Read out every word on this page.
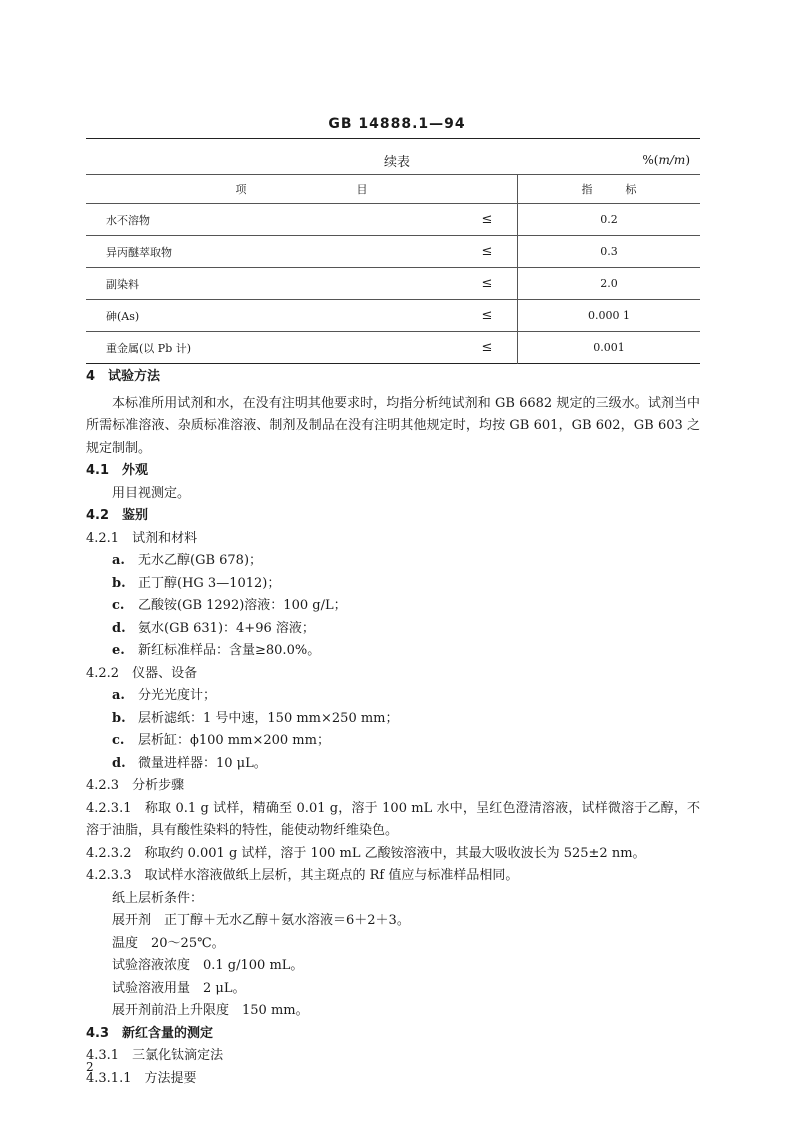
GB 14888.1—94
续表	%(m/m)
项　　　　　　　　　　目		指　　　标
水不溶物	≤	0.2
异丙醚萃取物	≤	0.3
副染料	≤	2.0
砷(As)	≤	0.000 1
重金属(以 Pb 计)	≤	0.001
4　试验方法
本标准所用试剂和水，在没有注明其他要求时，均指分析纯试剂和 GB 6682 规定的三级水。试剂当中所需标准溶液、杂质标准溶液、制剂及制品在没有注明其他规定时，均按 GB 601，GB 602，GB 603 之规定制制。
4.1　外观
用目视测定。
4.2　鉴别
4.2.1　试剂和材料
a. 无水乙醇(GB 678)；
b. 正丁醇(HG 3—1012)；
c. 乙酸铵(GB 1292)溶液：100 g/L；
d. 氨水(GB 631)：4+96 溶液；
e. 新红标准样品：含量≥80.0%。
4.2.2　仪器、设备
a. 分光光度计；
b. 层析滤纸：1 号中速，150 mm×250 mm；
c. 层析缸：ϕ100 mm×200 mm；
d. 微量进样器：10 μL。
4.2.3　分析步骤
4.2.3.1　称取 0.1 g 试样，精确至 0.01 g，溶于 100 mL 水中，呈红色澄清溶液，试样微溶于乙醇，不溶于油脂，具有酸性染料的特性，能使动物纤维染色。
4.2.3.2　称取约 0.001 g 试样，溶于 100 mL 乙酸铵溶液中，其最大吸收波长为 525±2 nm。
4.2.3.3　取试样水溶液做纸上层析，其主斑点的 Rf 值应与标准样品相同。
纸上层析条件：
展开剂　正丁醇＋无水乙醇＋氨水溶液＝6＋2＋3。
温度　20～25℃。
试验溶液浓度　0.1 g/100 mL。
试验溶液用量　2 μL。
展开剂前沿上升限度　150 mm。
4.3　新红含量的测定
4.3.1　三氯化钛滴定法
4.3.1.1　方法提要
2
